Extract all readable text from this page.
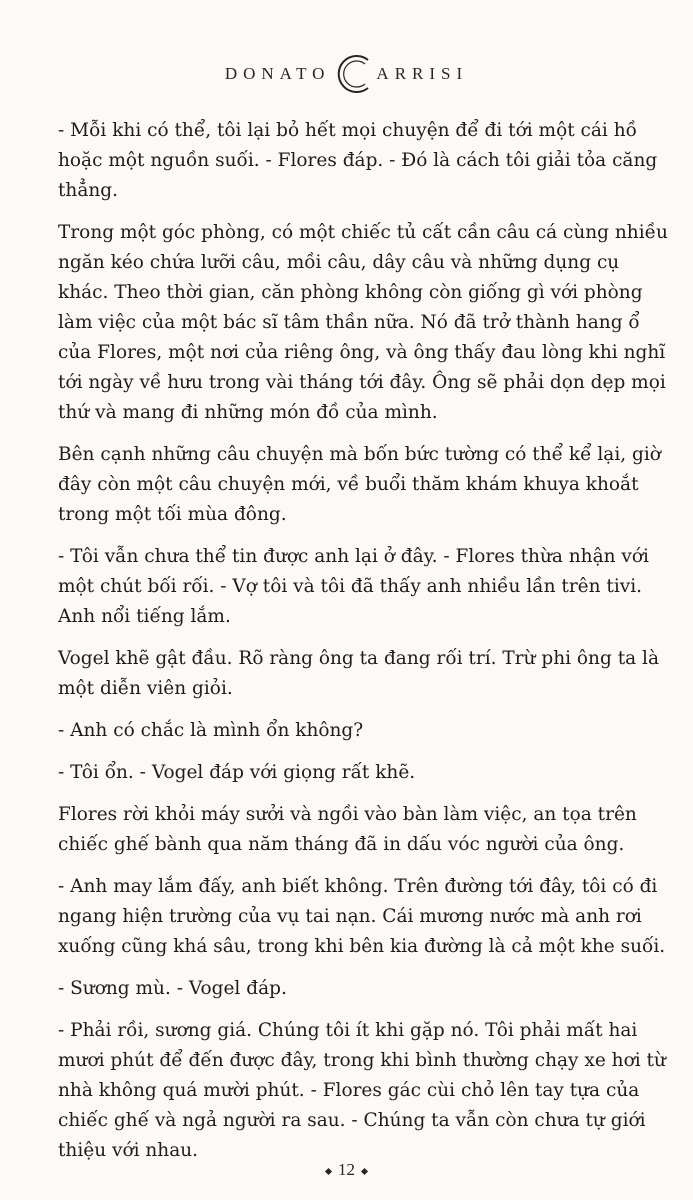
DONATO	ARRISI

- Mỗi khi có thể, tôi lại bỏ hết mọi chuyện để đi tới một cái hồ hoặc một nguồn suối. - Flores đáp. - Đó là cách tôi giải tỏa căng thẳng.

Trong một góc phòng, có một chiếc tủ cất cần câu cá cùng nhiều ngăn kéo chứa lưỡi câu, mồi câu, dây câu và những dụng cụ khác. Theo thời gian, căn phòng không còn giống gì với phòng làm việc của một bác sĩ tâm thần nữa. Nó đã trở thành hang ổ của Flores, một nơi của riêng ông, và ông thấy đau lòng khi nghĩ tới ngày về hưu trong vài tháng tới đây. Ông sẽ phải dọn dẹp mọi thứ và mang đi những món đồ của mình.

Bên cạnh những câu chuyện mà bốn bức tường có thể kể lại, giờ đây còn một câu chuyện mới, về buổi thăm khám khuya khoắt trong một tối mùa đông.

- Tôi vẫn chưa thể tin được anh lại ở đây. - Flores thừa nhận với một chút bối rối. - Vợ tôi và tôi đã thấy anh nhiều lần trên tivi. Anh nổi tiếng lắm.

Vogel khẽ gật đầu. Rõ ràng ông ta đang rối trí. Trừ phi ông ta là một diễn viên giỏi.

- Anh có chắc là mình ổn không?

- Tôi ổn. - Vogel đáp với giọng rất khẽ.

Flores rời khỏi máy sưởi và ngồi vào bàn làm việc, an tọa trên chiếc ghế bành qua năm tháng đã in dấu vóc người của ông.

- Anh may lắm đấy, anh biết không. Trên đường tới đây, tôi có đi ngang hiện trường của vụ tai nạn. Cái mương nước mà anh rơi xuống cũng khá sâu, trong khi bên kia đường là cả một khe suối.

- Sương mù. - Vogel đáp.

- Phải rồi, sương giá. Chúng tôi ít khi gặp nó. Tôi phải mất hai mươi phút để đến được đây, trong khi bình thường chạy xe hơi từ nhà không quá mười phút. - Flores gác cùi chỏ lên tay tựa của chiếc ghế và ngả người ra sau. - Chúng ta vẫn còn chưa tự giới thiệu với nhau.

12
